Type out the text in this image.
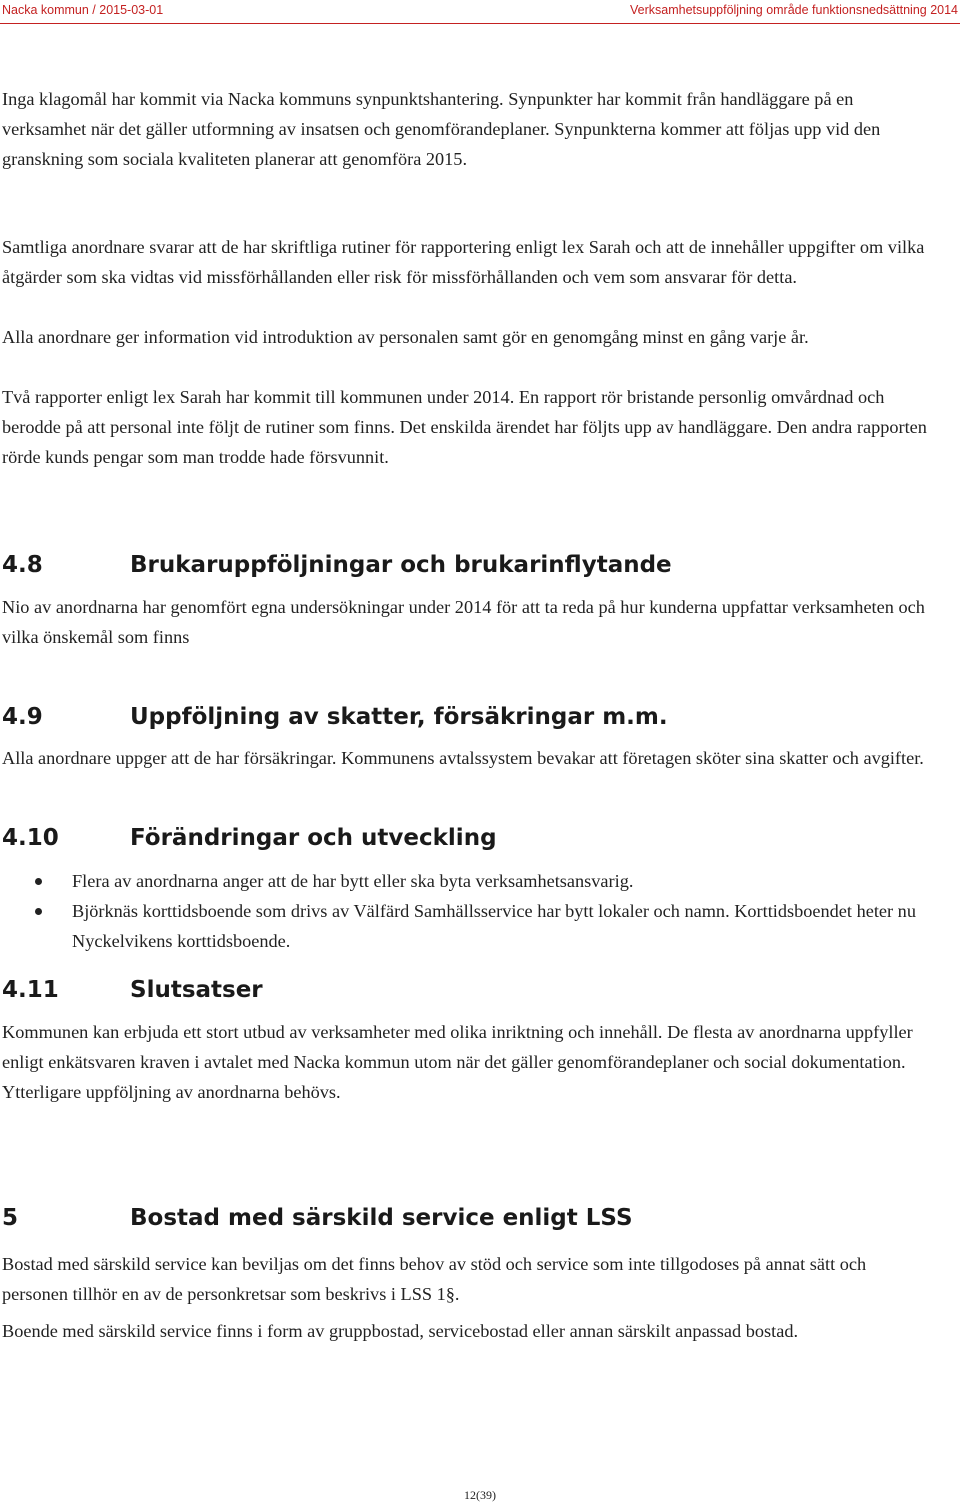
Nacka kommun / 2015-03-01	Verksamhetsuppföljning område funktionsnedsättning 2014

Inga klagomål har kommit via Nacka kommuns synpunktshantering. Synpunkter har kommit från handläggare på en verksamhet när det gäller utformning av insatsen och genomförandeplaner. Synpunkterna kommer att följas upp vid den granskning som sociala kvaliteten planerar att genomföra 2015.

Samtliga anordnare svarar att de har skriftliga rutiner för rapportering enligt lex Sarah och att de innehåller uppgifter om vilka åtgärder som ska vidtas vid missförhållanden eller risk för missförhållanden och vem som ansvarar för detta.

Alla anordnare ger information vid introduktion av personalen samt gör en genomgång minst en gång varje år.

Två rapporter enligt lex Sarah har kommit till kommunen under 2014. En rapport rör bristande personlig omvårdnad och berodde på att personal inte följt de rutiner som finns. Det enskilda ärendet har följts upp av handläggare. Den andra rapporten rörde kunds pengar som man trodde hade försvunnit.

4.8	Brukaruppföljningar och brukarinflytande

Nio av anordnarna har genomfört egna undersökningar under 2014 för att ta reda på hur kunderna uppfattar verksamheten och vilka önskemål som finns

4.9	Uppföljning av skatter, försäkringar m.m.

Alla anordnare uppger att de har försäkringar. Kommunens avtalssystem bevakar att företagen sköter sina skatter och avgifter.

4.10	Förändringar och utveckling
Flera av anordnarna anger att de har bytt eller ska byta verksamhetsansvarig.
Björknäs korttidsboende som drivs av Välfärd Samhällsservice har bytt lokaler och namn. Korttidsboendet heter nu Nyckelvikens korttidsboende.
4.11	Slutsatser

Kommunen kan erbjuda ett stort utbud av verksamheter med olika inriktning och innehåll. De flesta av anordnarna uppfyller enligt enkätsvaren kraven i avtalet med Nacka kommun utom när det gäller genomförandeplaner och social dokumentation. Ytterligare uppföljning av anordnarna behövs.

5	Bostad med särskild service enligt LSS

Bostad med särskild service kan beviljas om det finns behov av stöd och service som inte tillgodoses på annat sätt och personen tillhör en av de personkretsar som beskrivs i LSS 1§.

Boende med särskild service finns i form av gruppbostad, servicebostad eller annan särskilt anpassad bostad.

12(39)
